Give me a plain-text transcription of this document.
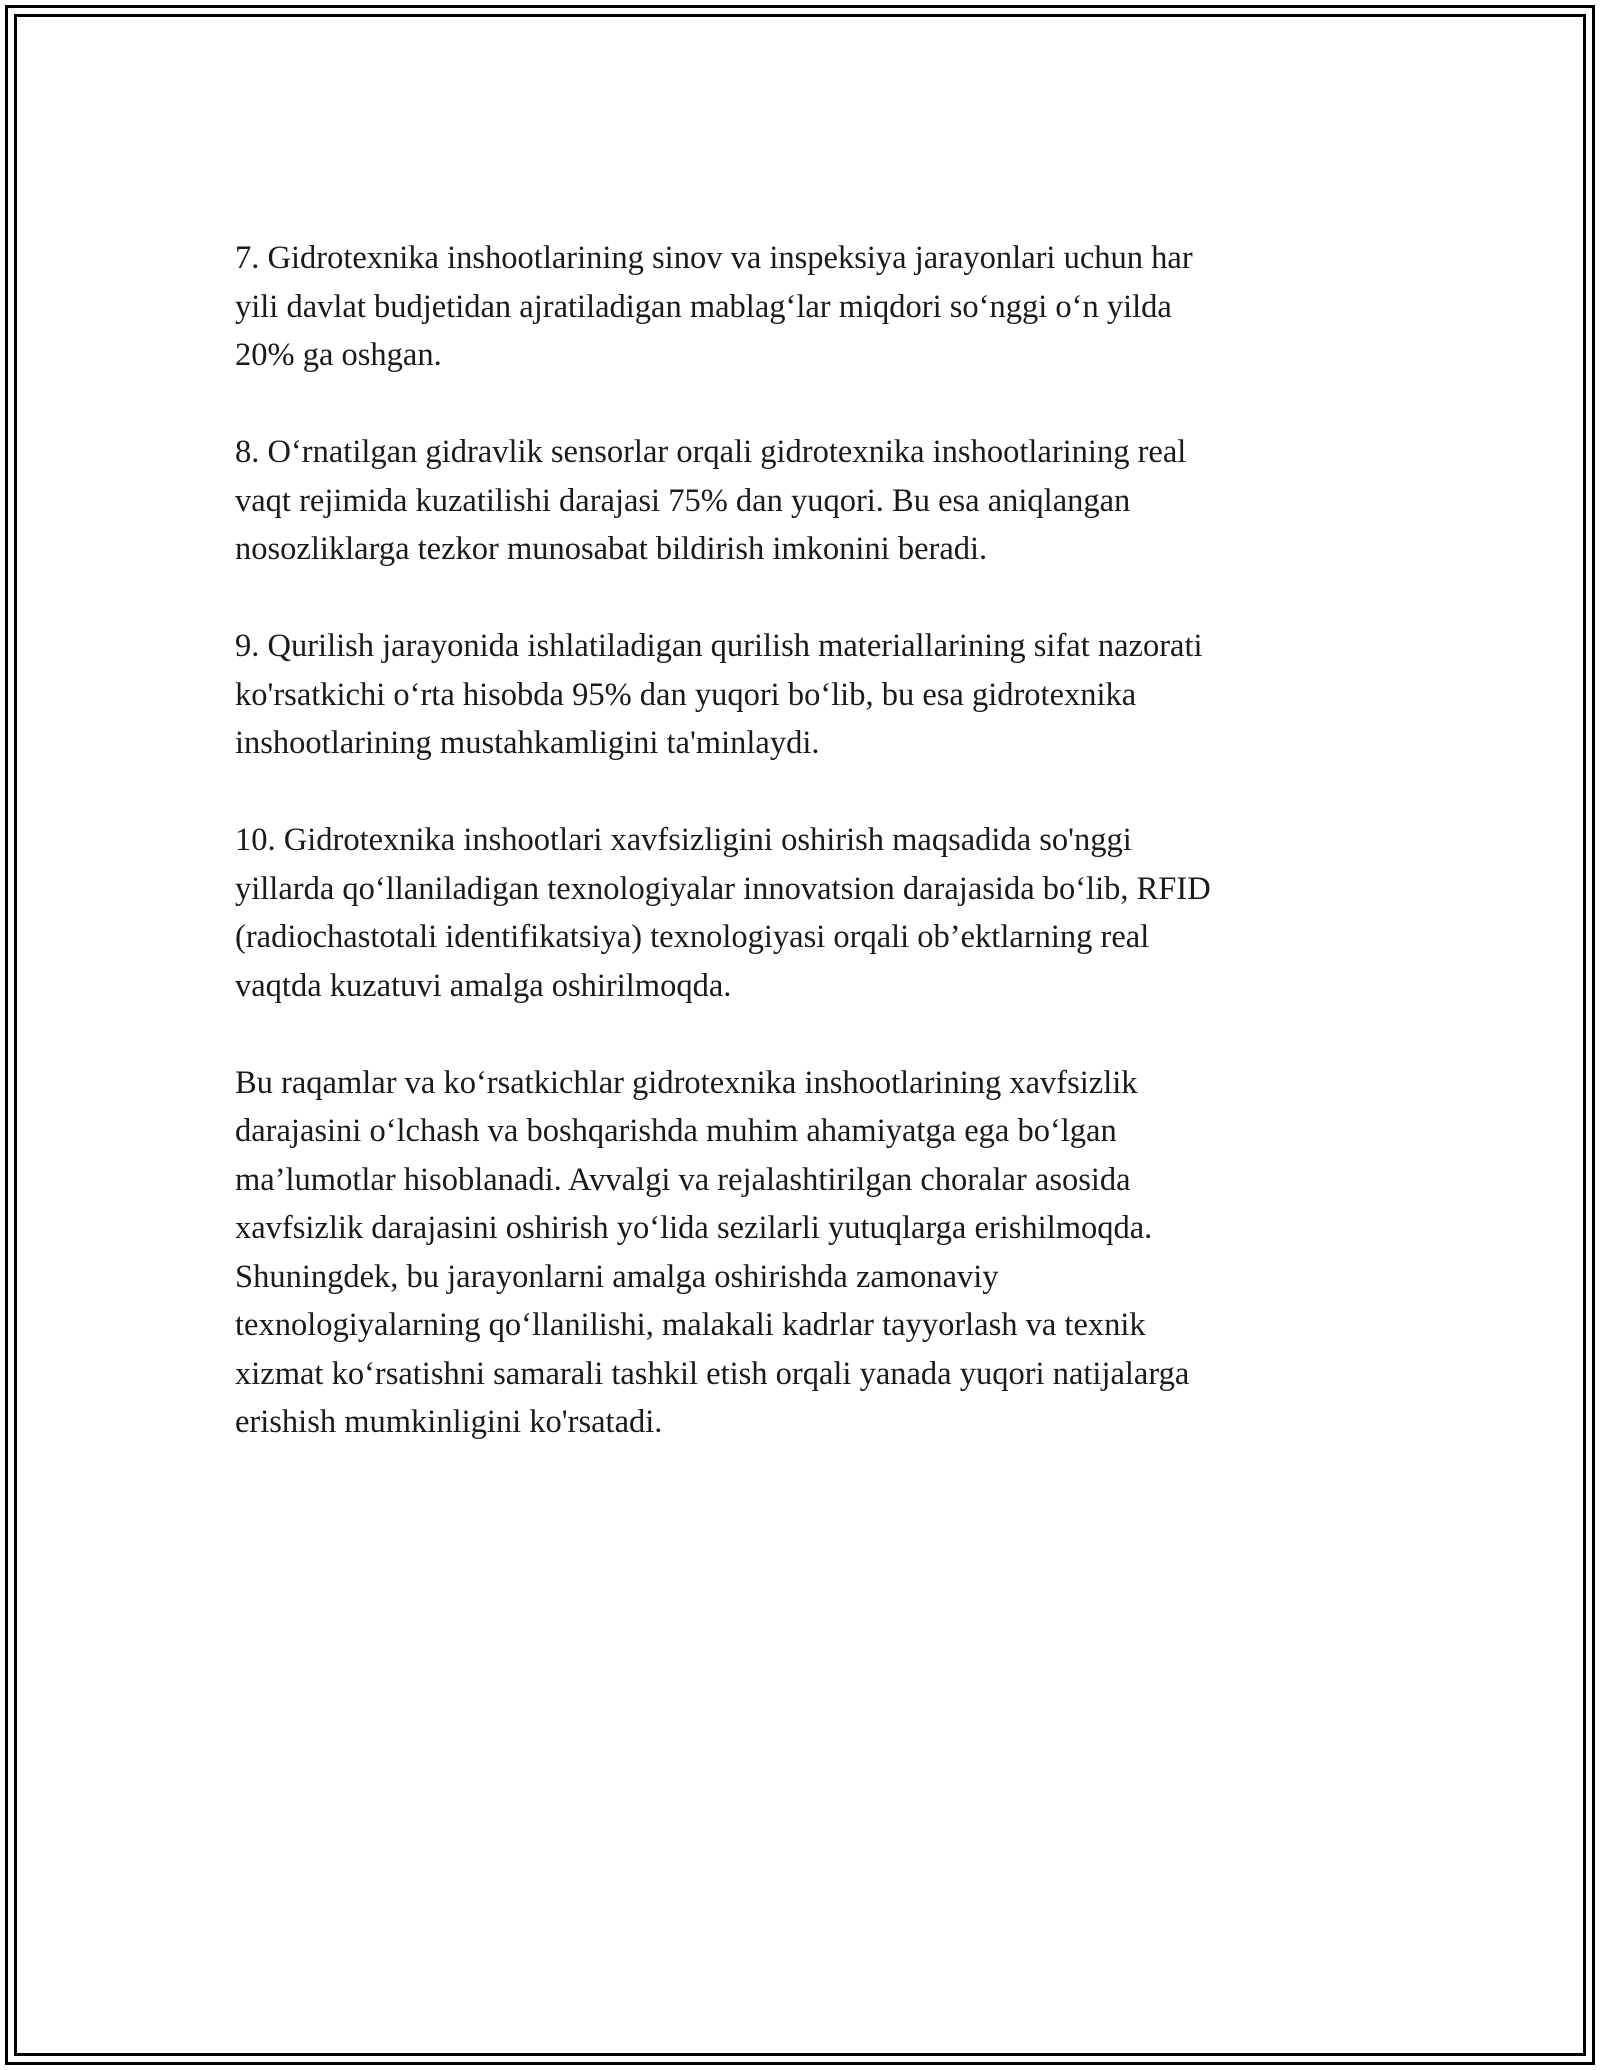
7. Gidrotexnika inshootlarining sinov va inspeksiya jarayonlari uchun har
yili davlat budjetidan ajratiladigan mablag‘lar miqdori so‘nggi o‘n yilda
20% ga oshgan.

8. O‘rnatilgan gidravlik sensorlar orqali gidrotexnika inshootlarining real
vaqt rejimida kuzatilishi darajasi 75% dan yuqori. Bu esa aniqlangan
nosozliklarga tezkor munosabat bildirish imkonini beradi.

9. Qurilish jarayonida ishlatiladigan qurilish materiallarining sifat nazorati
ko'rsatkichi o‘rta hisobda 95% dan yuqori bo‘lib, bu esa gidrotexnika
inshootlarining mustahkamligini ta'minlaydi.

10. Gidrotexnika inshootlari xavfsizligini oshirish maqsadida so'nggi
yillarda qo‘llaniladigan texnologiyalar innovatsion darajasida bo‘lib, RFID
(radiochastotali identifikatsiya) texnologiyasi orqali ob’ektlarning real
vaqtda kuzatuvi amalga oshirilmoqda.

Bu raqamlar va ko‘rsatkichlar gidrotexnika inshootlarining xavfsizlik
darajasini o‘lchash va boshqarishda muhim ahamiyatga ega bo‘lgan
ma’lumotlar hisoblanadi. Avvalgi va rejalashtirilgan choralar asosida
xavfsizlik darajasini oshirish yo‘lida sezilarli yutuqlarga erishilmoqda.
Shuningdek, bu jarayonlarni amalga oshirishda zamonaviy
texnologiyalarning qo‘llanilishi, malakali kadrlar tayyorlash va texnik
xizmat ko‘rsatishni samarali tashkil etish orqali yanada yuqori natijalarga
erishish mumkinligini ko'rsatadi.
